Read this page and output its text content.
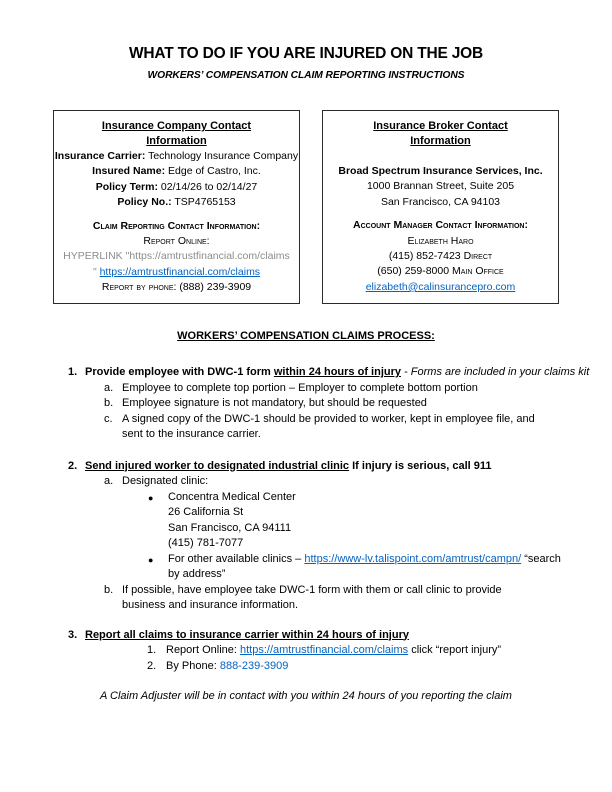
WHAT TO DO IF YOU ARE INJURED ON THE JOB
WORKERS’ COMPENSATION CLAIM REPORTING INSTRUCTIONS
Insurance Company Contact Information
Insurance Carrier: Technology Insurance Company
Insured Name: Edge of Castro, Inc.
Policy Term: 02/14/26 to 02/14/27
Policy No.: TSP4765153
Claim Reporting Contact Information:
Report Online:
HYPERLINK "https://amtrustfinancial.com/claims
" https://amtrustfinancial.com/claims
Report by phone: (888) 239-3909
Insurance Broker Contact Information
Broad Spectrum Insurance Services, Inc.
1000 Brannan Street, Suite 205
San Francisco, CA 94103
Account Manager Contact Information:
Elizabeth Haro
(415) 852-7423 Direct
(650) 259-8000 Main Office
elizabeth@calinsurancepro.com
WORKERS’ COMPENSATION CLAIMS PROCESS:
1. Provide employee with DWC-1 form within 24 hours of injury - Forms are included in your claims kit
a. Employee to complete top portion – Employer to complete bottom portion
b. Employee signature is not mandatory, but should be requested
c. A signed copy of the DWC-1 should be provided to worker, kept in employee file, and sent to the insurance carrier.
2. Send injured worker to designated industrial clinic If injury is serious, call 911
a. Designated clinic:
● Concentra Medical Center
26 California St
San Francisco, CA 94111
(415) 781-7077
● For other available clinics – https://www-lv.talispoint.com/amtrust/campn/ “search by address”
b. If possible, have employee take DWC-1 form with them or call clinic to provide business and insurance information.
3. Report all claims to insurance carrier within 24 hours of injury
1. Report Online: https://amtrustfinancial.com/claims click “report injury”
2. By Phone: 888-239-3909
A Claim Adjuster will be in contact with you within 24 hours of you reporting the claim
